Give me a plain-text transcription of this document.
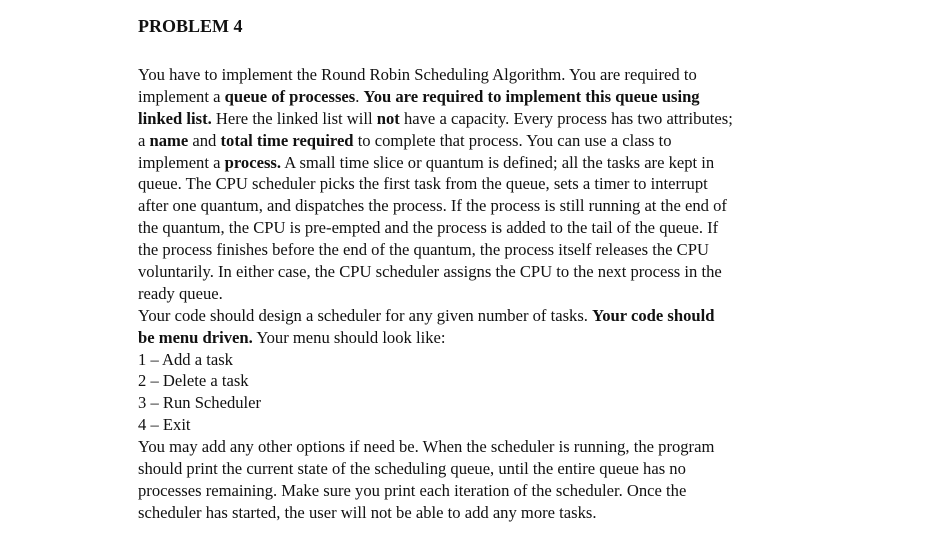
PROBLEM 4
You have to implement the Round Robin Scheduling Algorithm. You are required to
implement a queue of processes. You are required to implement this queue using
linked list. Here the linked list will not have a capacity. Every process has two attributes;
a name and total time required to complete that process. You can use a class to
implement a process. A small time slice or quantum is defined; all the tasks are kept in
queue. The CPU scheduler picks the first task from the queue, sets a timer to interrupt
after one quantum, and dispatches the process. If the process is still running at the end of
the quantum, the CPU is pre-empted and the process is added to the tail of the queue. If
the process finishes before the end of the quantum, the process itself releases the CPU
voluntarily. In either case, the CPU scheduler assigns the CPU to the next process in the
ready queue.
Your code should design a scheduler for any given number of tasks. Your code should
be menu driven. Your menu should look like:
1 – Add a task
2 – Delete a task
3 – Run Scheduler
4 – Exit
You may add any other options if need be. When the scheduler is running, the program
should print the current state of the scheduling queue, until the entire queue has no
processes remaining. Make sure you print each iteration of the scheduler. Once the
scheduler has started, the user will not be able to add any more tasks.
